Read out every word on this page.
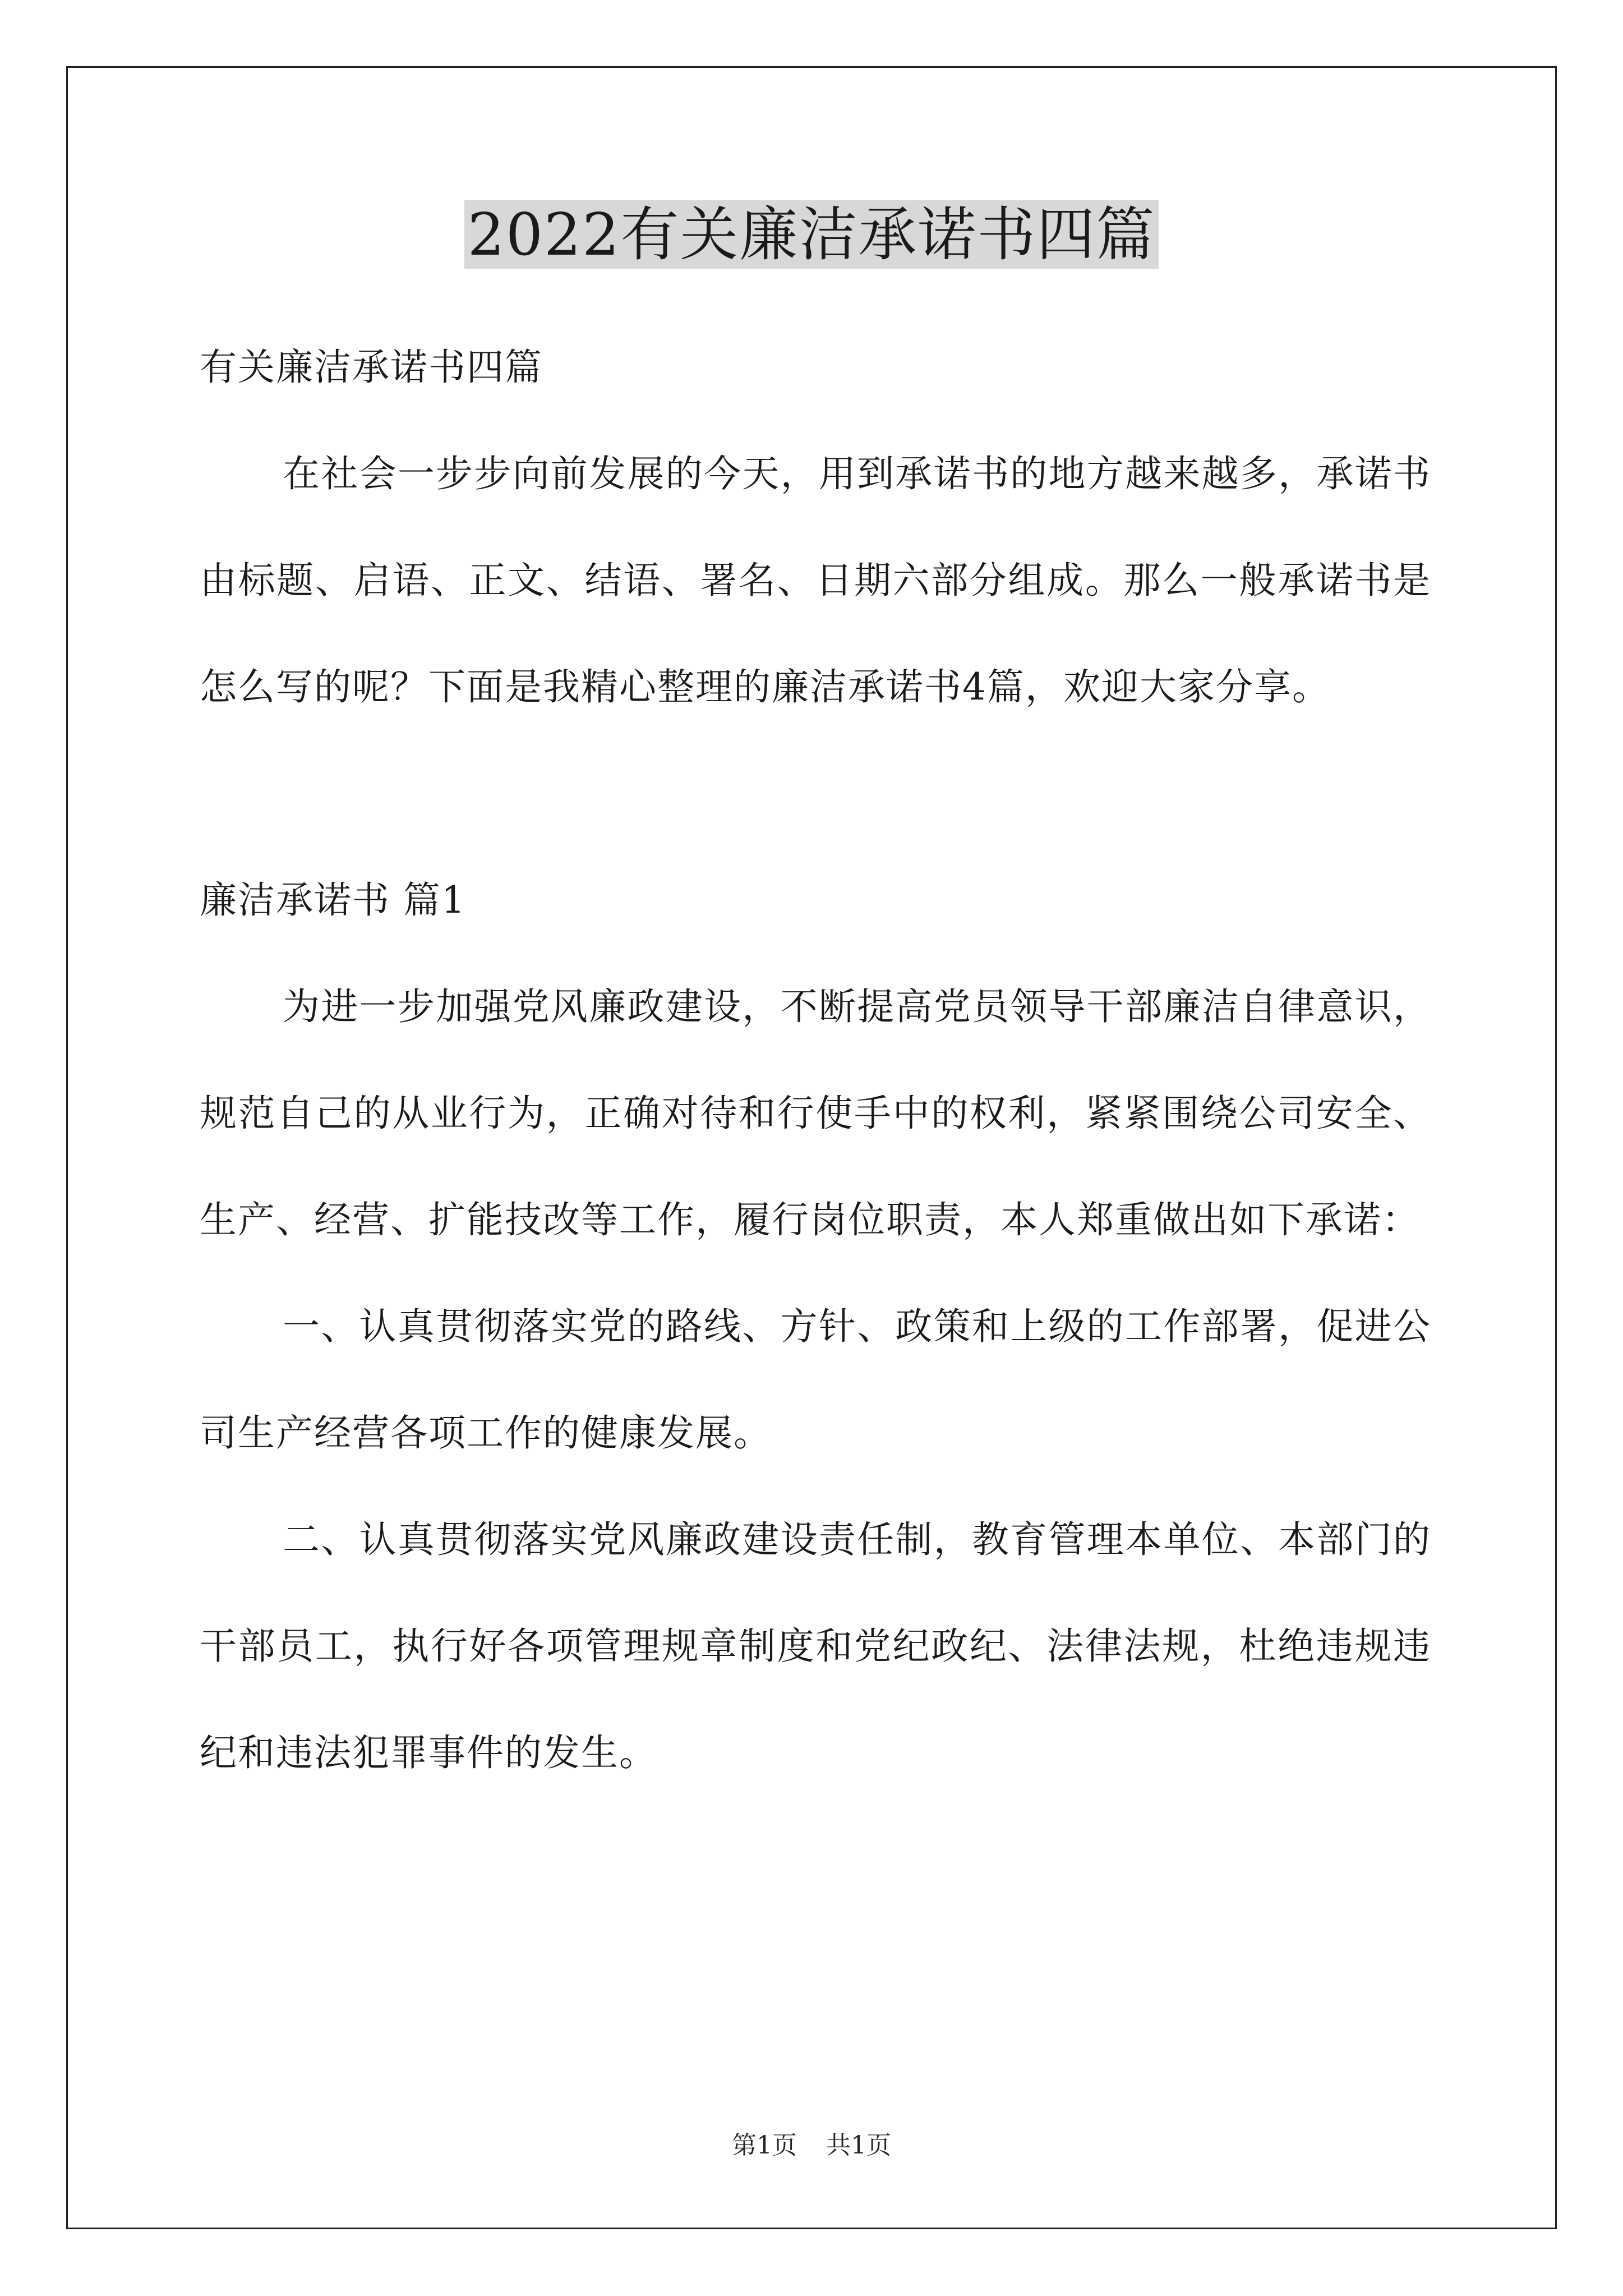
2022有关廉洁承诺书四篇

有关廉洁承诺书四篇

在社会一步步向前发展的今天，用到承诺书的地方越来越多，承诺书由标题、启语、正文、结语、署名、日期六部分组成。那么一般承诺书是怎么写的呢？下面是我精心整理的廉洁承诺书4篇，欢迎大家分享。

廉洁承诺书 篇1

为进一步加强党风廉政建设，不断提高党员领导干部廉洁自律意识，规范自己的从业行为，正确对待和行使手中的权利，紧紧围绕公司安全、生产、经营、扩能技改等工作，履行岗位职责，本人郑重做出如下承诺：

一、认真贯彻落实党的路线、方针、政策和上级的工作部署，促进公司生产经营各项工作的健康发展。

二、认真贯彻落实党风廉政建设责任制，教育管理本单位、本部门的干部员工，执行好各项管理规章制度和党纪政纪、法律法规，杜绝违规违纪和违法犯罪事件的发生。

第1页 共1页
